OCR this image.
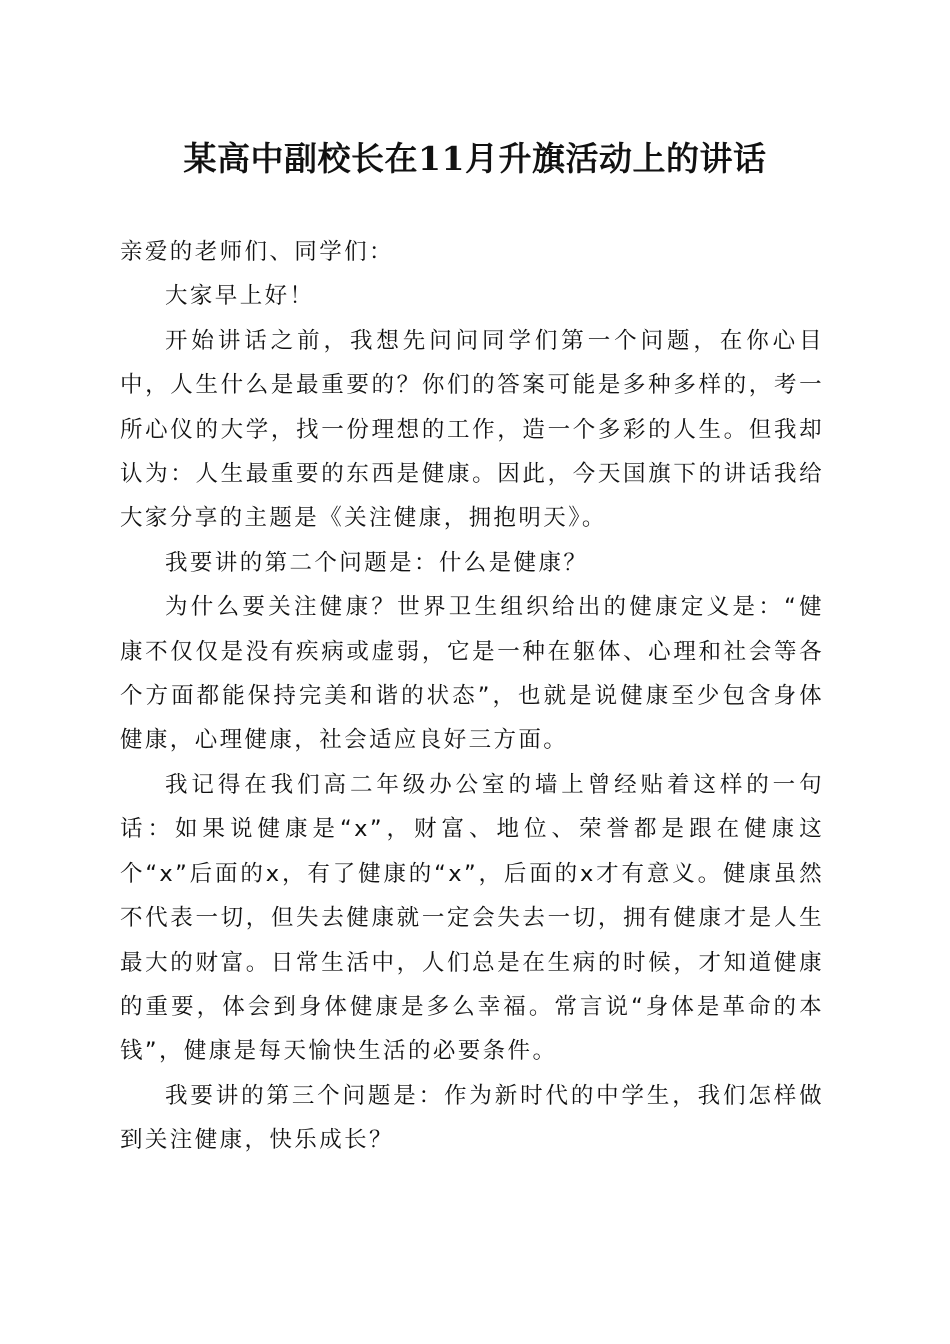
某高中副校长在11月升旗活动上的讲话

亲爱的老师们、同学们：

大家早上好！

开始讲话之前，我想先问问同学们第一个问题，在你心目中，人生什么是最重要的？你们的答案可能是多种多样的，考一所心仪的大学，找一份理想的工作，造一个多彩的人生。但我却认为：人生最重要的东西是健康。因此，今天国旗下的讲话我给大家分享的主题是《关注健康，拥抱明天》。

我要讲的第二个问题是：什么是健康？

为什么要关注健康？世界卫生组织给出的健康定义是：“健康不仅仅是没有疾病或虚弱，它是一种在躯体、心理和社会等各个方面都能保持完美和谐的状态”，也就是说健康至少包含身体健康，心理健康，社会适应良好三方面。

我记得在我们高二年级办公室的墙上曾经贴着这样的一句话：如果说健康是“x”，财富、地位、荣誉都是跟在健康这个“x”后面的x，有了健康的“x”，后面的x才有意义。健康虽然不代表一切，但失去健康就一定会失去一切，拥有健康才是人生最大的财富。日常生活中，人们总是在生病的时候，才知道健康的重要，体会到身体健康是多么幸福。常言说“身体是革命的本钱”，健康是每天愉快生活的必要条件。

我要讲的第三个问题是：作为新时代的中学生，我们怎样做到关注健康，快乐成长？
